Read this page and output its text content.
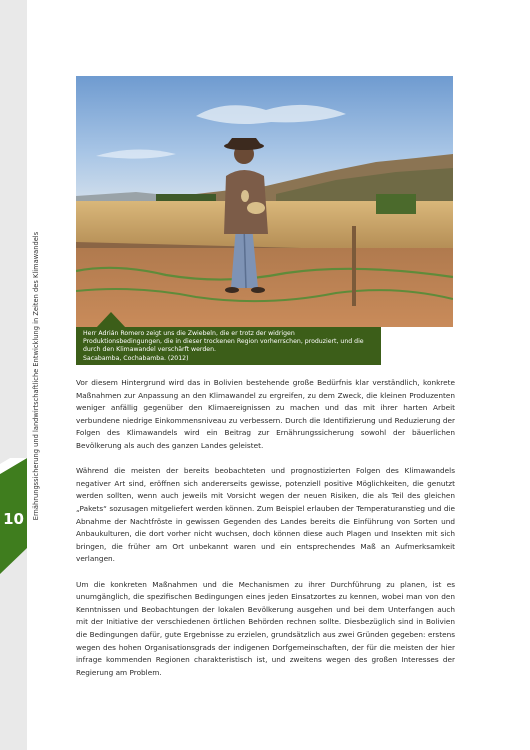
Ernährungssicherung und landwirtschaftliche Entwicklung in Zeiten des Klimawandels
10
Herr Adrián Romero zeigt uns die Zwiebeln, die er trotz der widrigen
Produktionsbedingungen, die in dieser trockenen Region vorherrschen, produziert, und die
durch den Klimawandel verschärft werden.
Sacabamba, Cochabamba. (2012)

Vor diesem Hintergrund wird das in Bolivien bestehende große Bedürfnis klar verständlich, konkrete Maßnahmen zur Anpassung an den Klimawandel zu ergreifen, zu dem Zweck, die kleinen Produzenten weniger anfällig gegenüber den Klimaereignissen zu machen und das mit ihrer harten Arbeit verbundene niedrige Einkommensniveau zu verbessern. Durch die Identifizierung und Reduzierung der Folgen des Klimawandels wird ein Beitrag zur Ernährungssicherung sowohl der bäuerlichen Bevölkerung als auch des ganzen Landes geleistet.

Während die meisten der bereits beobachteten und prognostizierten Folgen des Klimawandels negativer Art sind, eröffnen sich andererseits gewisse, potenziell positive Möglichkeiten, die genutzt werden sollten, wenn auch jeweils mit Vorsicht wegen der neuen Risiken, die als Teil des gleichen „Pakets“ sozusagen mitgeliefert werden können. Zum Beispiel erlauben der Temperaturanstieg und die Abnahme der Nachtfröste in gewissen Gegenden des Landes bereits die Einführung von Sorten und Anbaukulturen, die dort vorher nicht wuchsen, doch können diese auch Plagen und Insekten mit sich bringen, die früher am Ort unbekannt waren und ein entsprechendes Maß an Aufmerksamkeit verlangen.

Um die konkreten Maßnahmen und die Mechanismen zu ihrer Durchführung zu planen, ist es unumgänglich, die spezifischen Bedingungen eines jeden Einsatzortes zu kennen, wobei man von den Kenntnissen und Beobachtungen der lokalen Bevölkerung ausgehen und bei dem Unterfangen auch mit der Initiative der verschiedenen örtlichen Behörden rechnen sollte. Diesbezüglich sind in Bolivien die Bedingungen dafür, gute Ergebnisse zu erzielen, grundsätzlich aus zwei Gründen gegeben: erstens wegen des hohen Organisationsgrads der indigenen Dorfgemeinschaften, der für die meisten der hier infrage kommenden Regionen charakteristisch ist, und zweitens wegen des großen Interesses der Regierung am Problem.
